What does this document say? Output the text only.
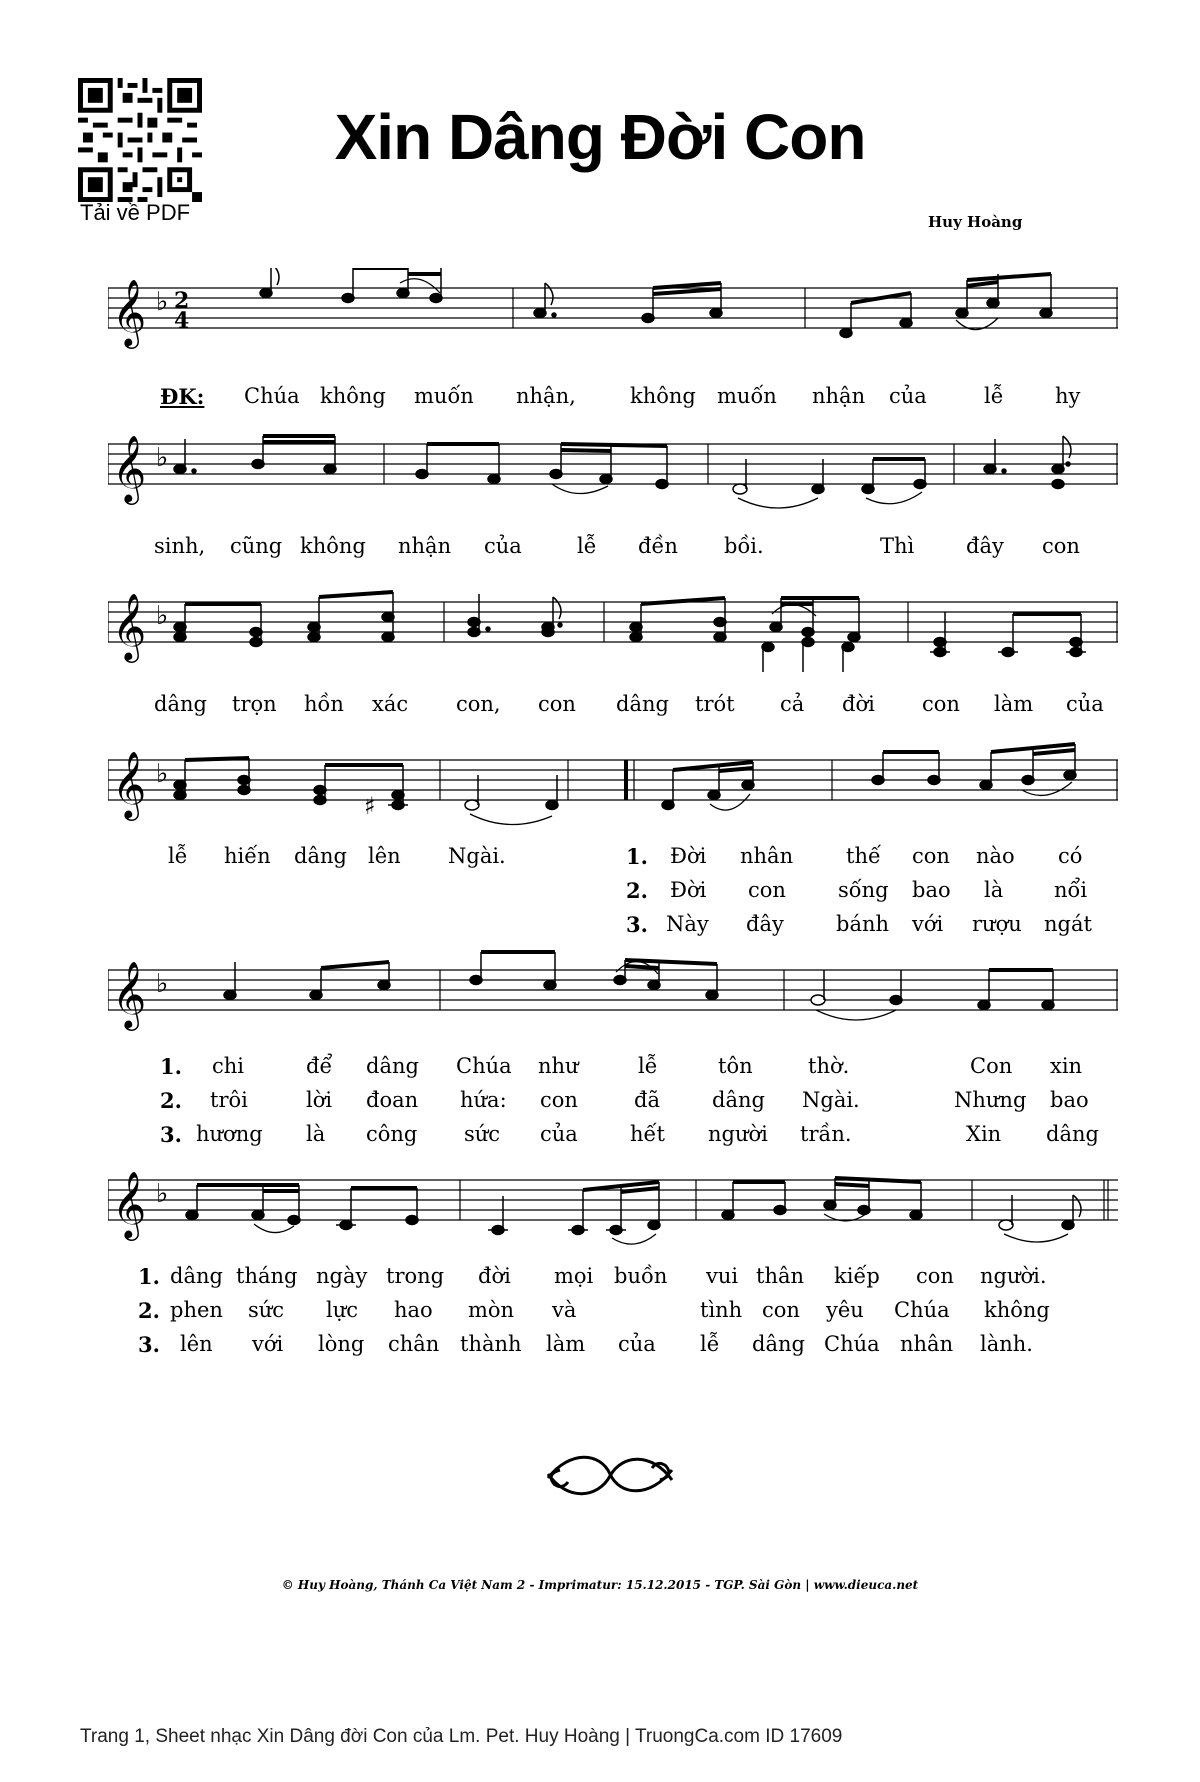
Tải về PDF
Xin Dâng Đời Con
Huy Hoàng
𝄞 ♭ 2
4
ĐK: Chúa không muốn nhận,	không muốn nhận của	lễ hy
𝄞 ♭
sinh, cũng không nhận của	lễ đền bồi.	Thì đây con
𝄞 ♭
dâng trọn hồn xác con, con dâng trót cả đời con làm của
𝄞 ♭
♯
lễ hiến dâng lên Ngài.	1. Đời nhân	thế con nào có
2. Đời con sống bao là nổi
3. Này đây bánh với rượu ngát
𝄞 ♭
1. chi	để dâng Chúa như	lễ	tôn	thờ.	Con xin
2. trôi	lời đoan hứa: con	đã dâng Ngài.	Nhưng bao
3. hương là công sức của hết người trần.	Xin dâng
𝄞 ♭
1. dâng tháng ngày trong đời mọi buồn vui thân kiếp con người.
2. phen sức lực hao mòn và	tình con yêu Chúa không
3. lên với lòng chân thành làm của lễ dâng Chúa nhân lành.
© Huy Hoàng, Thánh Ca Việt Nam 2 - Imprimatur: 15.12.2015 - TGP. Sài Gòn | www.dieuca.net
Trang 1, Sheet nhạc Xin Dâng đời Con của Lm. Pet. Huy Hoàng | TruongCa.com ID 17609
